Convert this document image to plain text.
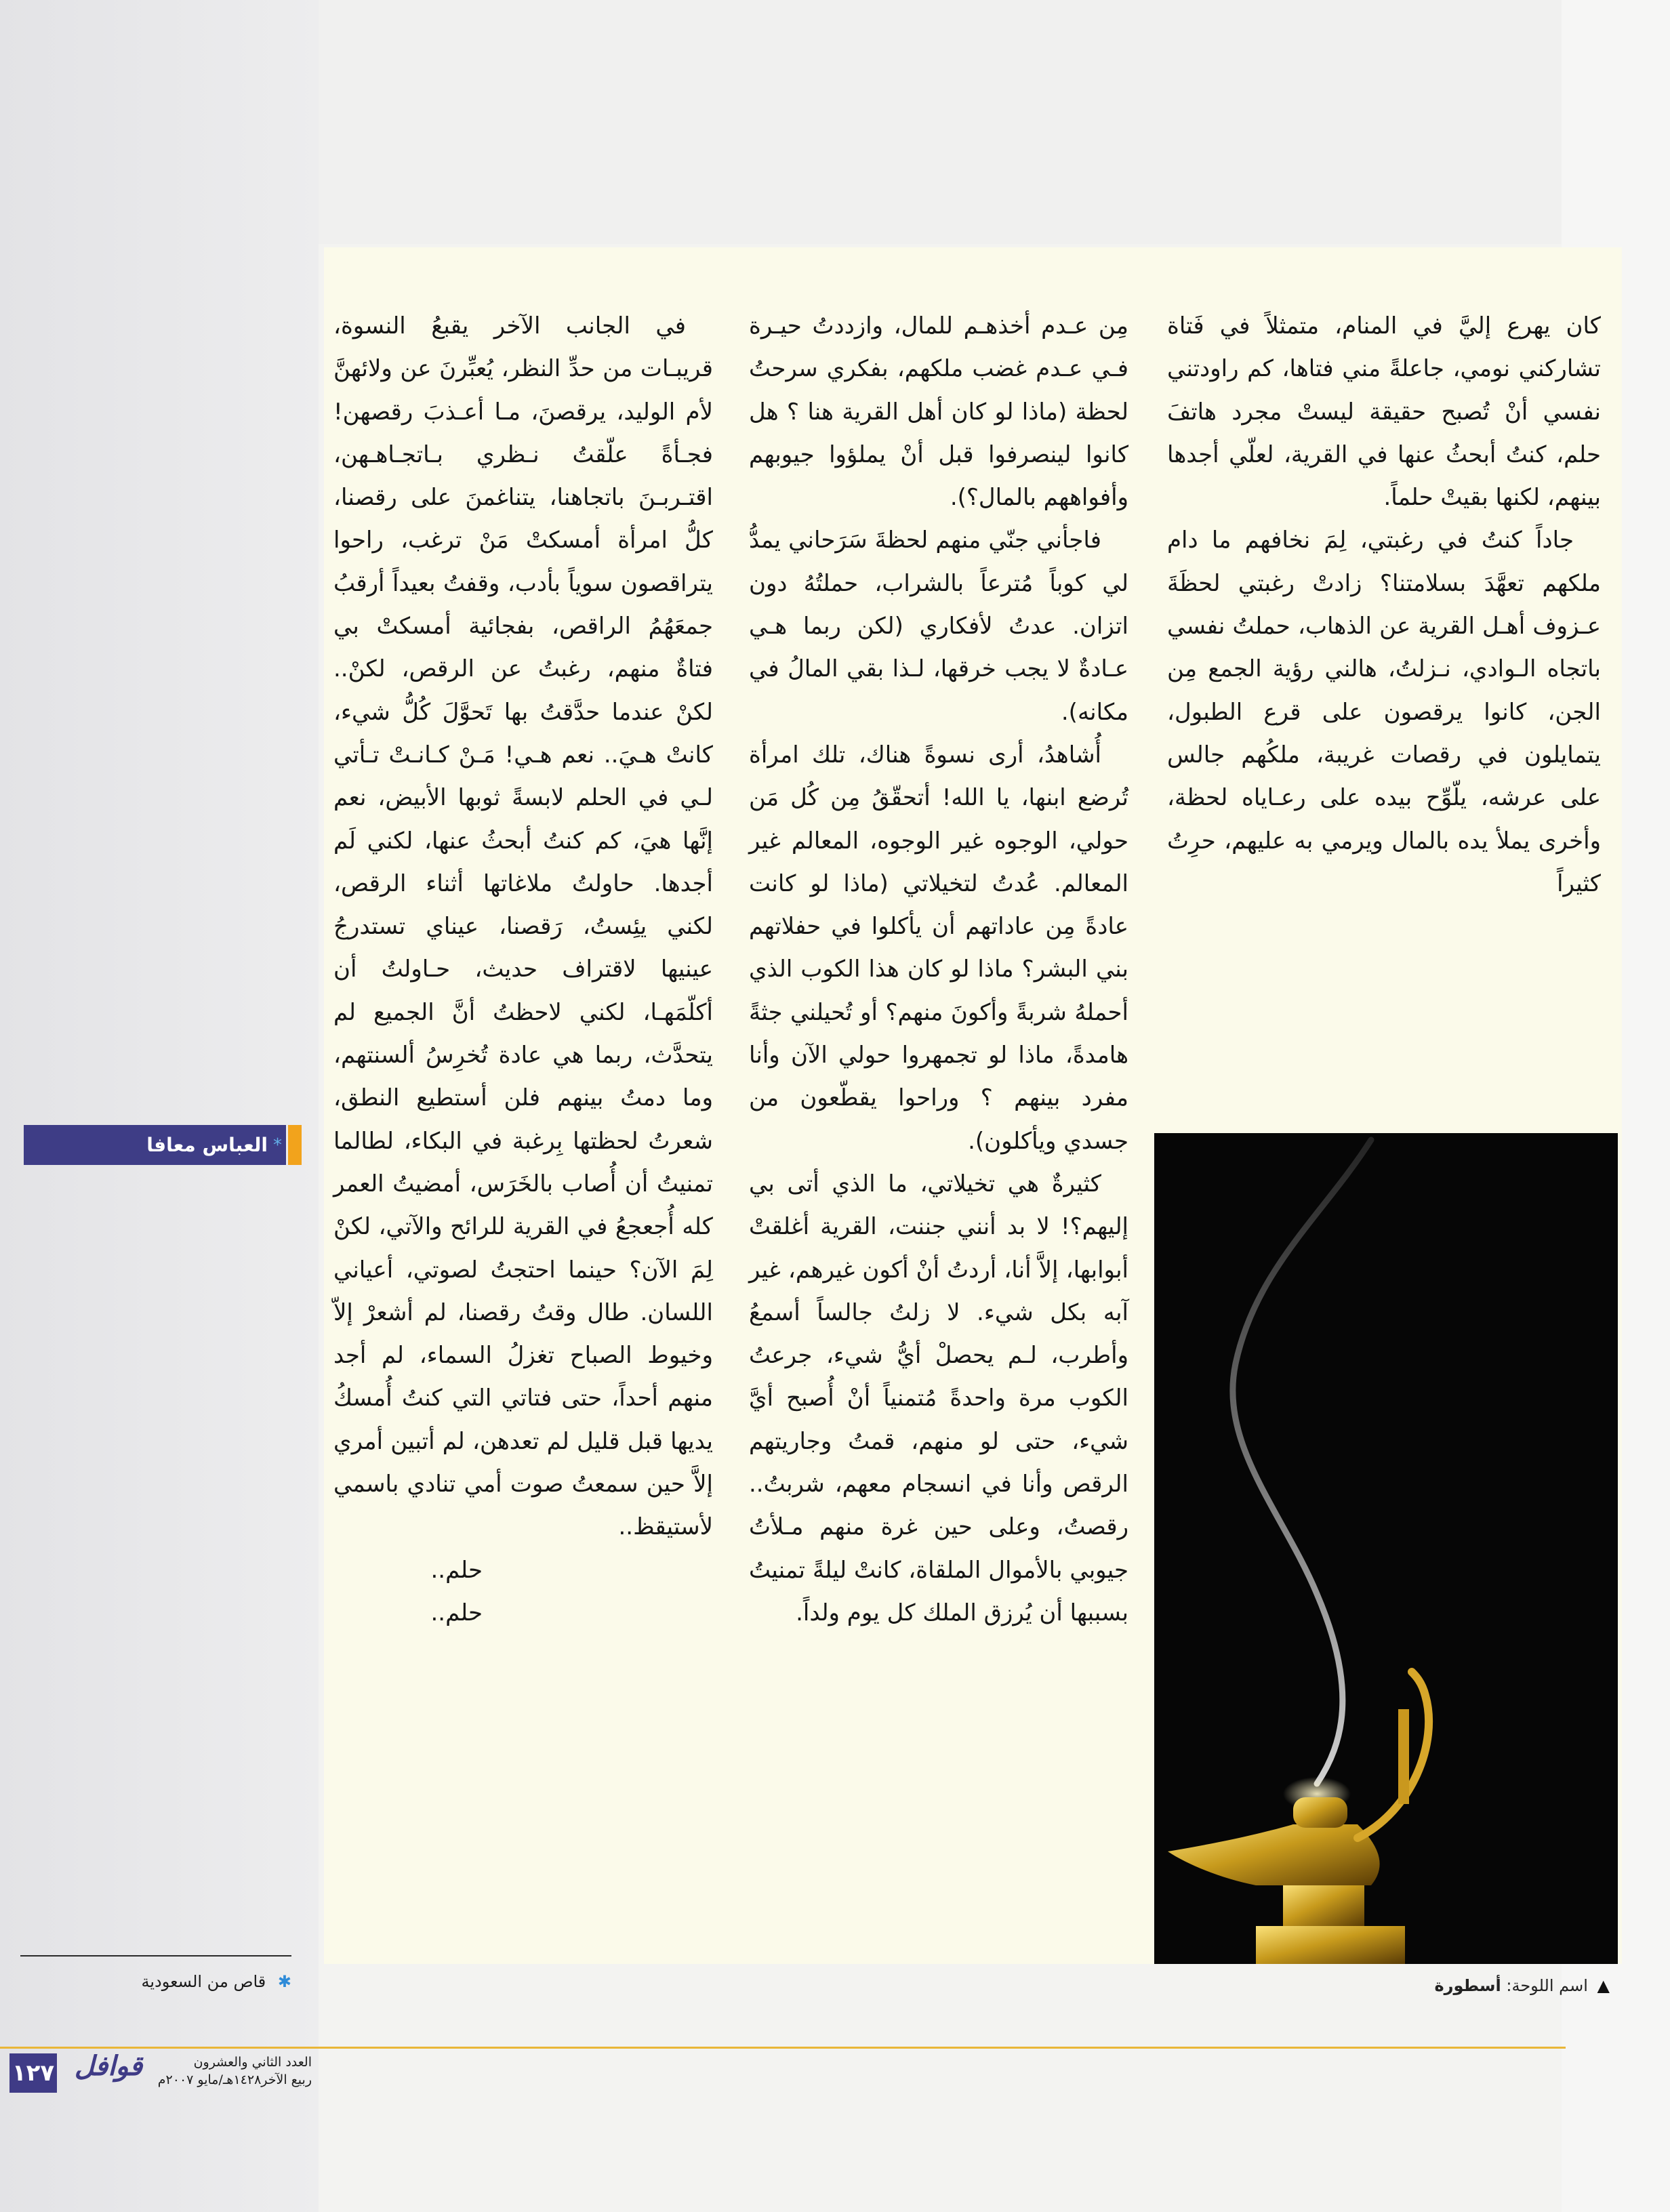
كان يهرع إليَّ في المنام، متمثلاً في فَتاة تشاركني نومي، جاعلةً مني فتاها، كم راودتني نفسي أنْ تُصبح حقيقة ليستْ مجرد هاتفَ حلم، كنتُ أبحثُ عنها في القرية، لعلّي أجدها بينهم، لكنها بقيتْ حلماً.

جاداً كنتُ في رغبتي، لِمَ نخافهم ما دام ملكهم تعهَّدَ بسلامتنا؟ زادتْ رغبتي لحظَةَ عـزوف أهـل القرية عن الذهاب، حملتُ نفسي باتجاه الـوادي، نـزلتُ، هالني رؤية الجمع مِن الجن، كانوا يرقصون على قرع الطبول، يتمايلون في رقصات غريبة، ملكُهم جالس على عرشه، يلّوِّح بيده على رعـاياه لحظة، وأخرى يملأ يده بالمال ويرمي به عليهم، حرِتُ كثيراً

مِن عـدم أخذهـم للمال، وازددتُ حيـرة فـي عـدم غضب ملكهم، بفكري سرحتُ لحظة (ماذا لو كان أهل القرية هنا ؟ هل كانوا لينصرفوا قبل أنْ يملؤوا جيوبهم وأفواههم بالمال؟).

فاجأني جنّي منهم لحظةَ سَرَحاني يمدُّ لي كوباً مُترعاً بالشراب، حملتُهُ دون اتزان. عدتُ لأفكاري (لكن ربما هـي عـادةٌ لا يجب خرقها، لـذا بقي المالُ في مكانه).

أُشاهدُ، أرى نسوةً هناك، تلك امرأة تُرضع ابنها، يا الله! أتحقّقُ مِن كُل مَن حولي، الوجوه غير الوجوه، المعالم غير المعالم. عُدتُ لتخيلاتي (ماذا لو كانت عادةً مِن عاداتهم أن يأكلوا في حفلاتهم بني البشر؟ ماذا لو كان هذا الكوب الذي أحملهُ شربةً وأكونَ منهم؟ أو تُحيلني جثةً هامدةً، ماذا لو تجمهروا حولي الآن وأنا مفرد بينهم ؟ وراحوا يقطّعون من جسدي ويأكلون).

كثيرةٌ هي تخيلاتي، ما الذي أتى بي إليهم؟! لا بد أنني جننت، القرية أغلقتْ أبوابها، إلاَّ أنا، أردتُ أنْ أكون غيرهم، غير آبه بكل شيء. لا زلتُ جالساً أسمعُ وأطرب، لـم يحصلْ أيُّ شيء، جرعتُ الكوب مرة واحدةً مُتمنياً أنْ أُصبح أيَّ شيء، حتى لو منهم، قمتُ وجاريتهم الرقص وأنا في انسجام معهم، شربتُ.. رقصتُ، وعلى حين غرة منهم مـلأتُ جيوبي بالأموال الملقاة، كانتْ ليلةً تمنيتُ بسببها أن يُرزق الملك كل يوم ولداً.

في الجانب الآخر يقبعُ النسوة، قريبـات من حدِّ النظر، يُعبِّرنَ عن ولائهنَّ لأم الوليد، يرقصنَ، مـا أعـذبَ رقصهن! فجـأةً علّقتُ نـظري بـاتجـاهـهن، اقتـربـنَ باتجاهنا، يتناغمنَ على رقصنا، كلُّ امرأة أمسكتْ مَنْ ترغب، راحوا يتراقصون سوياً بأدب، وقفتُ بعيداً أرقبُ جمعَهُمُ الراقص، بفجائية أمسكتْ بي فتاةٌ منهم، رغبتُ عن الرقص، لكنْ.. لكنْ عندما حدَّقتُ بها تَحوَّلَ كُلُّ شيء، كانتْ هـيَ.. نعم هـي! مَـنْ كـانـتْ تـأتي لـي في الحلم لابسةً ثوبها الأبيض، نعم إنَّها هيَ، كم كنتُ أبحثُ عنها، لكني لَم أجدها. حاولتُ ملاغاتها أثناء الرقص، لكني يئِستُ، رَقصنا، عيناي تستدرجُ عينيها لاقتراف حديث، حـاولتُ أن أكلّمَهـا، لكني لاحظتُ أنَّ الجميع لم يتحدَّث، ربما هي عادة تُخرِسُ ألسنتهم، وما دمتُ بينهم فلن أستطيع النطق، شعرتُ لحظتها بِرغبة في البكاء، لطالما تمنيتُ أن أُصاب بالخَرَس، أمضيتُ العمر كله أُجعجعُ في القرية للرائح والآتي، لكنْ لِمَ الآن؟ حينما احتجتُ لصوتي، أعياني اللسان. طال وقتُ رقصنا، لم أشعرْ إلاّ وخيوط الصباح تغزلُ السماء، لم أجد منهم أحداً، حتى فتاتي التي كنتُ أُمسكُ يديها قبل قليل لم تعدهن، لم أتبين أمري إلاَّ حين سمعتُ صوت أمي تنادي باسمي لأستيقظ..

حلم..

حلم..

▲ اسم اللوحة: أسطورة
العباس معافا *
✱ قاص من السعودية
١٢٧ قوافل	العدد الثاني والعشرون
ربيع الآخر١٤٢٨هـ/مايو ٢٠٠٧م
